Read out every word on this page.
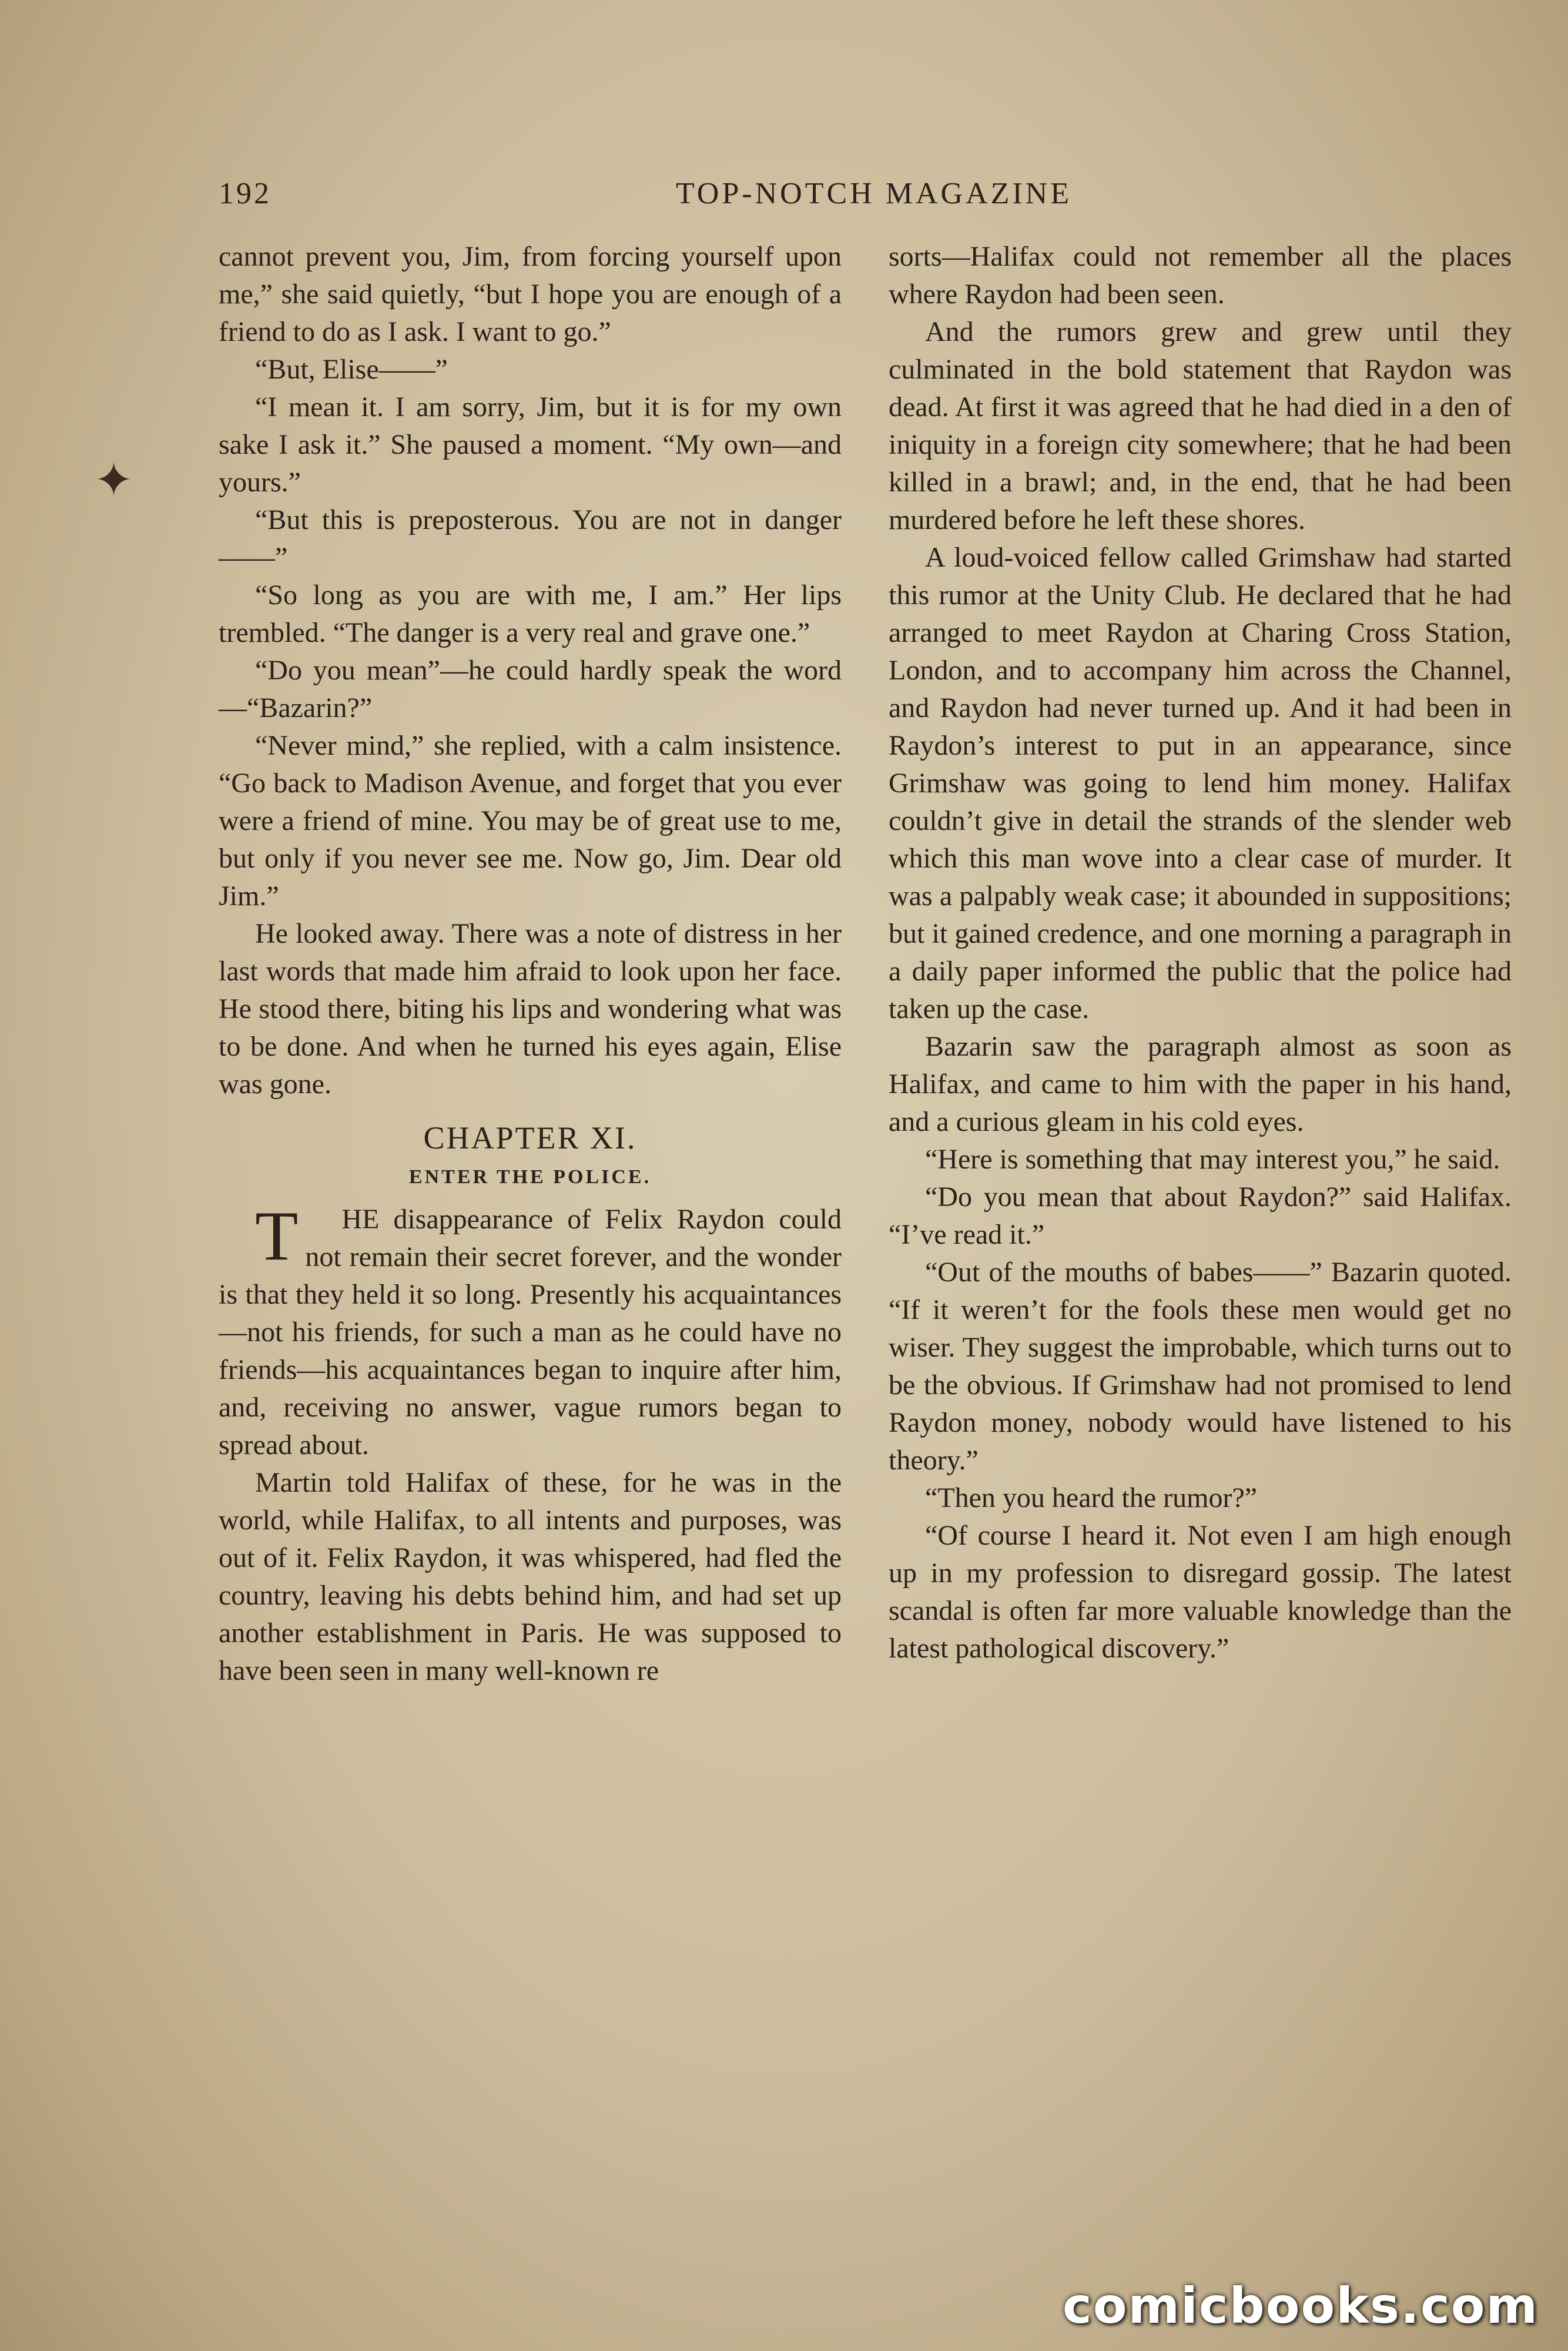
192	TOP-NOTCH MAGAZINE
✦

cannot prevent you, Jim, from forcing yourself upon me,” she said quietly, “but I hope you are enough of a friend to do as I ask. I want to go.”

“But, Elise——”

“I mean it. I am sorry, Jim, but it is for my own sake I ask it.” She paused a moment. “My own—and yours.”

“But this is preposterous. You are not in danger——”

“So long as you are with me, I am.” Her lips trembled. “The danger is a very real and grave one.”

“Do you mean”—he could hardly speak the word—“Bazarin?”

“Never mind,” she replied, with a calm insistence. “Go back to Madison Avenue, and forget that you ever were a friend of mine. You may be of great use to me, but only if you never see me. Now go, Jim. Dear old Jim.”

He looked away. There was a note of distress in her last words that made him afraid to look upon her face. He stood there, biting his lips and wondering what was to be done. And when he turned his eyes again, Elise was gone.

CHAPTER XI.
ENTER THE POLICE.

T HE disappearance of Felix Raydon could not remain their secret forever, and the wonder is that they held it so long. Presently his acquaintances —not his friends, for such a man as he could have no friends—his acquaintances began to inquire after him, and, receiving no answer, vague rumors began to spread about.

Martin told Halifax of these, for he was in the world, while Halifax, to all intents and purposes, was out of it. Felix Raydon, it was whispered, had fled the country, leaving his debts behind him, and had set up another establishment in Paris. He was supposed to have been seen in many well-known re

sorts—Halifax could not remember all the places where Raydon had been seen.

And the rumors grew and grew until they culminated in the bold statement that Raydon was dead. At first it was agreed that he had died in a den of iniquity in a foreign city somewhere; that he had been killed in a brawl; and, in the end, that he had been murdered before he left these shores.

A loud-voiced fellow called Grimshaw had started this rumor at the Unity Club. He declared that he had arranged to meet Raydon at Charing Cross Station, London, and to accompany him across the Channel, and Raydon had never turned up. And it had been in Raydon’s interest to put in an appearance, since Grimshaw was going to lend him money. Halifax couldn’t give in detail the strands of the slender web which this man wove into a clear case of murder. It was a palpably weak case; it abounded in suppositions; but it gained credence, and one morning a paragraph in a daily paper informed the public that the police had taken up the case.

Bazarin saw the paragraph almost as soon as Halifax, and came to him with the paper in his hand, and a curious gleam in his cold eyes.

“Here is something that may interest you,” he said.

“Do you mean that about Raydon?” said Halifax. “I’ve read it.”

“Out of the mouths of babes——” Bazarin quoted. “If it weren’t for the fools these men would get no wiser. They suggest the improbable, which turns out to be the obvious. If Grimshaw had not promised to lend Raydon money, nobody would have listened to his theory.”

“Then you heard the rumor?”

“Of course I heard it. Not even I am high enough up in my profession to disregard gossip. The latest scandal is often far more valuable knowledge than the latest pathological discovery.”

comicbooks.com
